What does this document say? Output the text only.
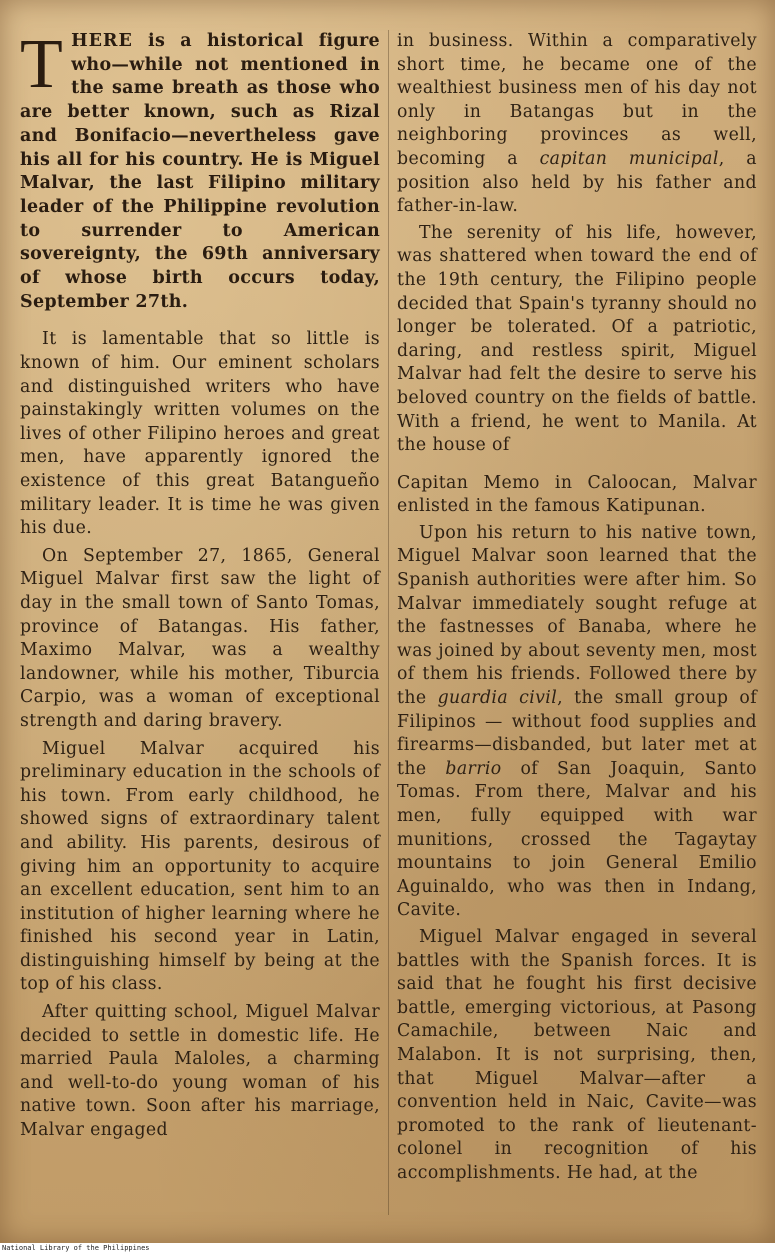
THERE is a historical figure who—while not mentioned in the same breath as those who are better known, such as Rizal and Bonifacio—nevertheless gave his all for his country. He is Miguel Malvar, the last Filipino military leader of the Philippine revolution to surrender to American sovereignty, the 69th anniversary of whose birth occurs today, September 27th.

It is lamentable that so little is known of him. Our eminent scholars and distinguished writers who have painstakingly written volumes on the lives of other Filipino heroes and great men, have apparently ignored the existence of this great Batangueño military leader. It is time he was given his due.

On September 27, 1865, General Miguel Malvar first saw the light of day in the small town of Santo Tomas, province of Batangas. His father, Maximo Malvar, was a wealthy landowner, while his mother, Tiburcia Carpio, was a woman of exceptional strength and daring bravery.

Miguel Malvar acquired his preliminary education in the schools of his town. From early childhood, he showed signs of extraordinary talent and ability. His parents, desirous of giving him an opportunity to acquire an excellent education, sent him to an institution of higher learning where he finished his second year in Latin, distinguishing himself by being at the top of his class.

After quitting school, Miguel Malvar decided to settle in domestic life. He married Paula Maloles, a charming and well-to-do young woman of his native town. Soon after his marriage, Malvar engaged

in business. Within a comparatively short time, he became one of the wealthiest business men of his day not only in Batangas but in the neighboring provinces as well, becoming a capitan municipal, a position also held by his father and father-in-law.

The serenity of his life, however, was shattered when toward the end of the 19th century, the Filipino people decided that Spain's tyranny should no longer be tolerated. Of a patriotic, daring, and restless spirit, Miguel Malvar had felt the desire to serve his beloved country on the fields of battle. With a friend, he went to Manila. At the house of

Capitan Memo in Caloocan, Malvar enlisted in the famous Katipunan.

Upon his return to his native town, Miguel Malvar soon learned that the Spanish authorities were after him. So Malvar immediately sought refuge at the fastnesses of Banaba, where he was joined by about seventy men, most of them his friends. Followed there by the guardia civil, the small group of Filipinos — without food supplies and firearms—disbanded, but later met at the barrio of San Joaquin, Santo Tomas. From there, Malvar and his men, fully equipped with war munitions, crossed the Tagaytay mountains to join General Emilio Aguinaldo, who was then in Indang, Cavite.

Miguel Malvar engaged in several battles with the Spanish forces. It is said that he fought his first decisive battle, emerging victorious, at Pasong Camachile, between Naic and Malabon. It is not surprising, then, that Miguel Malvar—after a convention held in Naic, Cavite—was promoted to the rank of lieutenant-colonel in recognition of his accomplishments. He had, at the

National Library of the Philippines
